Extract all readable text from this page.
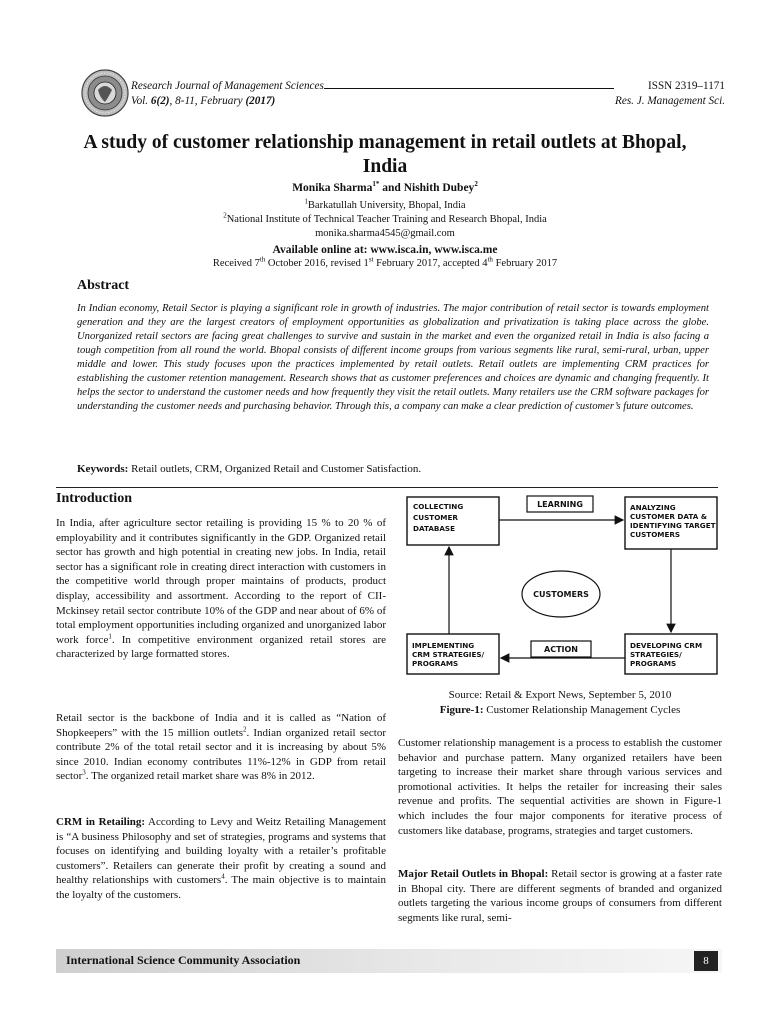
Research Journal of Management Sciences
Vol. 6(2), 8-11, February (2017)
ISSN 2319–1171
Res. J. Management Sci.
A study of customer relationship management in retail outlets at Bhopal, India
Monika Sharma$^{1*}$ and Nishith Dubey$^2$
$^1$Barkatullah University, Bhopal, India
$^2$National Institute of Technical Teacher Training and Research Bhopal, India
monika.sharma4545@gmail.com
Available online at: www.isca.in, www.isca.me
Received 7th October 2016, revised 1st February 2017, accepted 4th February 2017
Abstract
In Indian economy, Retail Sector is playing a significant role in growth of industries. The major contribution of retail sector is towards employment generation and they are the largest creators of employment opportunities as globalization and privatization is taking place across the globe. Unorganized retail sectors are facing great challenges to survive and sustain in the market and even the organized retail in India is also facing a tough competition from all round the world. Bhopal consists of different income groups from various segments like rural, semi-rural, urban, upper middle and lower. This study focuses upon the practices implemented by retail outlets. Retail outlets are implementing CRM practices for establishing the customer retention management. Research shows that as customer preferences and choices are dynamic and changing frequently. It helps the sector to understand the customer needs and how frequently they visit the retail outlets. Many retailers use the CRM software packages for understanding the customer needs and purchasing behavior. Through this, a company can make a clear prediction of customer’s future outcomes.
Keywords: Retail outlets, CRM, Organized Retail and Customer Satisfaction.
Introduction

In India, after agriculture sector retailing is providing 15 % to 20 % of employability and it contributes significantly in the GDP. Organized retail sector has growth and high potential in creating new jobs. In India, retail sector has a significant role in creating direct interaction with customers in the competitive world through proper maintains of products, product display, accessibility and assortment. According to the report of CII-Mckinsey retail sector contribute 10% of the GDP and near about of 6% of total employment opportunities including organized and unorganized labor work force$^1$. In competitive environment organized retail stores are characterized by large formatted stores.

Retail sector is the backbone of India and it is called as “Nation of Shopkeepers” with the 15 million outlets$^2$. Indian organized retail sector contribute 2% of the total retail sector and it is increasing by about 5% since 2010. Indian economy contributes 11%-12% in GDP from retail sector$^3$. The organized retail market share was 8% in 2012.

CRM in Retailing: According to Levy and Weitz Retailing Management is “A business Philosophy and set of strategies, programs and systems that focuses on identifying and building loyalty with a retailer’s profitable customers”. Retailers can generate their profit by creating a sound and healthy relationships with customers$^4$. The main objective is to maintain the loyalty of the customers.

COLLECTING
CUSTOMER
DATABASE
ANALYZING
CUSTOMER DATA &
IDENTIFYING TARGET
CUSTOMERS
IMPLEMENTING
CRM STRATEGIES/
PROGRAMS
DEVELOPING CRM
STRATEGIES/
PROGRAMS
LEARNING
ACTION
CUSTOMERS
Source: Retail & Export News, September 5, 2010
Figure-1: Customer Relationship Management Cycles

Customer relationship management is a process to establish the customer behavior and purchase pattern. Many organized retailers have been targeting to increase their market share through various services and promotional activities. It helps the retailer for increasing their sales revenue and profits. The sequential activities are shown in Figure-1 which includes the four major components for iterative process of customers like database, programs, strategies and target customers.

Major Retail Outlets in Bhopal: Retail sector is growing at a faster rate in Bhopal city. There are different segments of branded and organized outlets targeting the various income groups of consumers from different segments like rural, semi-

International Science Community Association	8
